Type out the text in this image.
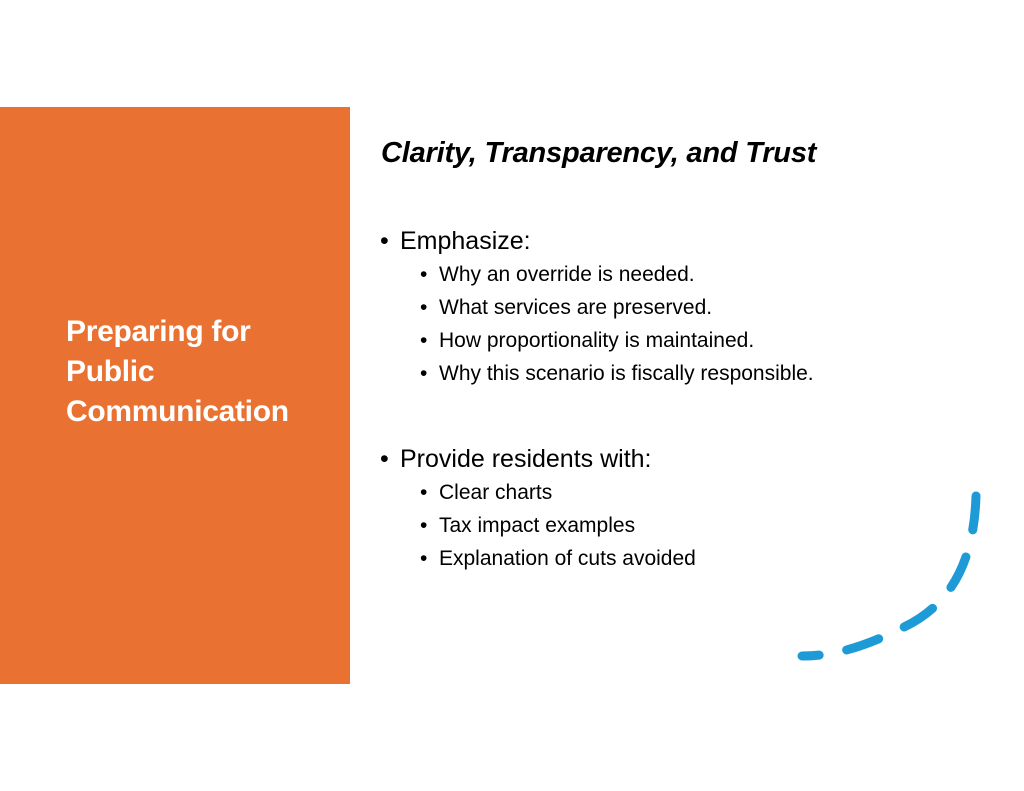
Preparing for
Public
Communication
Clarity, Transparency, and Trust
• Emphasize:
• Why an override is needed.
• What services are preserved.
• How proportionality is maintained.
• Why this scenario is fiscally responsible.
• Provide residents with:
• Clear charts
• Tax impact examples
• Explanation of cuts avoided
